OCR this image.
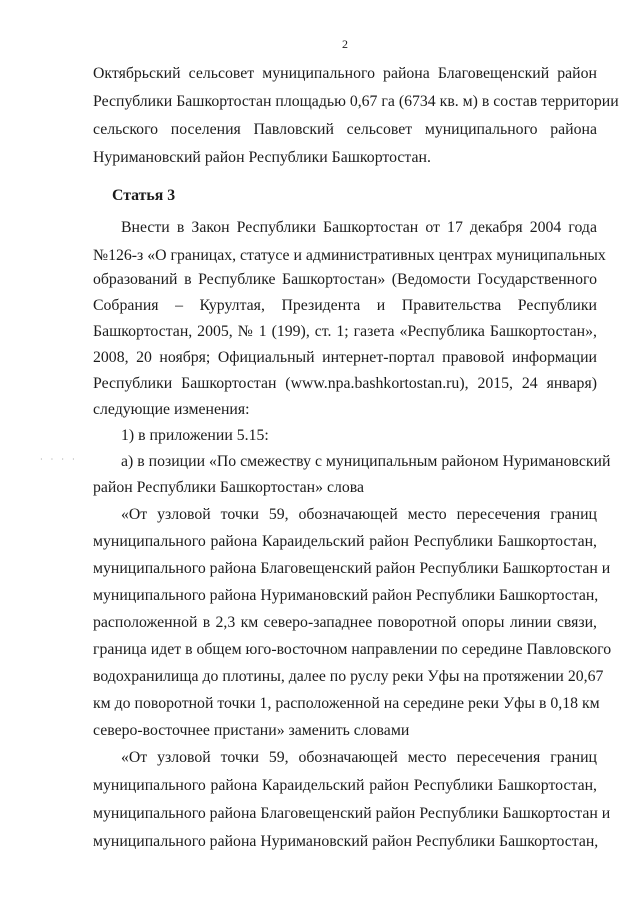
2
Октябрьский сельсовет муниципального района Благовещенский район
Республики Башкортостан площадью 0,67 га (6734 кв. м) в состав территории
сельского поселения Павловский сельсовет муниципального района
Нуримановский район Республики Башкортостан.
Статья 3
Внести в Закон Республики Башкортостан от 17 декабря 2004 года
№126-з «О границах, статусе и административных центрах муниципальных
образований в Республике Башкортостан» (Ведомости Государственного
Собрания – Курултая, Президента и Правительства Республики
Башкортостан, 2005, № 1 (199), ст. 1; газета «Республика Башкортостан»,
2008, 20 ноября; Официальный интернет-портал правовой информации
Республики Башкортостан (www.npa.bashkortostan.ru), 2015, 24 января)
следующие изменения:
1) в приложении 5.15:
а) в позиции «По смежеству с муниципальным районом Нуримановский
район Республики Башкортостан» слова
· · · ·
«От узловой точки 59, обозначающей место пересечения границ
муниципального района Караидельский район Республики Башкортостан,
муниципального района Благовещенский район Республики Башкортостан и
муниципального района Нуримановский район Республики Башкортостан,
расположенной в 2,3 км северо-западнее поворотной опоры линии связи,
граница идет в общем юго-восточном направлении по середине Павловского
водохранилища до плотины, далее по руслу реки Уфы на протяжении 20,67
км до поворотной точки 1, расположенной на середине реки Уфы в 0,18 км
северо-восточнее пристани» заменить словами
«От узловой точки 59, обозначающей место пересечения границ
муниципального района Караидельский район Республики Башкортостан,
муниципального района Благовещенский район Республики Башкортостан и
муниципального района Нуримановский район Республики Башкортостан,
